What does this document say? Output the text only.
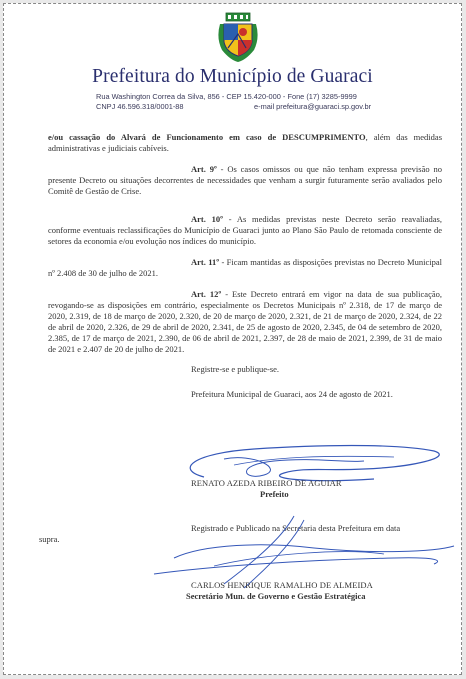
Prefeitura do Município de Guaraci
Rua Washington Correa da Silva, 856 - CEP 15.420-000 - Fone (17) 3285-9999
CNPJ 46.596.318/0001-88	e-mail prefeitura@guaraci.sp.gov.br
e/ou cassação do Alvará de Funcionamento em caso de DESCUMPRIMENTO, além das medidas administrativas e judiciais cabíveis.
Art. 9º - Os casos omissos ou que não tenham expressa previsão no presente Decreto ou situações decorrentes de necessidades que venham a surgir futuramente serão avaliados pelo Comitê de Gestão de Crise.
Art. 10º - As medidas previstas neste Decreto serão reavaliadas, conforme eventuais reclassificações do Município de Guaraci junto ao Plano São Paulo de retomada consciente de setores da economia e/ou evolução nos índices do município.
Art. 11º - Ficam mantidas as disposições previstas no Decreto Municipal nº 2.408 de 30 de julho de 2021.
Art. 12º - Este Decreto entrará em vigor na data de sua publicação, revogando-se as disposições em contrário, especialmente os Decretos Municipais nº 2.318, de 17 de março de 2020, 2.319, de 18 de março de 2020, 2.320, de 20 de março de 2020, 2.321, de 21 de março de 2020, 2.324, de 22 de abril de 2020, 2.326, de 29 de abril de 2020, 2.341, de 25 de agosto de 2020, 2.345, de 04 de setembro de 2020, 2.385, de 17 de março de 2021, 2.390, de 06 de abril de 2021, 2.397, de 28 de maio de 2021, 2.399, de 31 de maio de 2021 e 2.407 de 20 de julho de 2021.
Registre-se e publique-se.
Prefeitura Municipal de Guaraci, aos 24 de agosto de 2021.
RENATO AZEDA RIBEIRO DE AGUIAR
Prefeito
Registrado e Publicado na Secretaria desta Prefeitura em data
supra.
CARLOS HENRIQUE RAMALHO DE ALMEIDA
Secretário Mun. de Governo e Gestão Estratégica
